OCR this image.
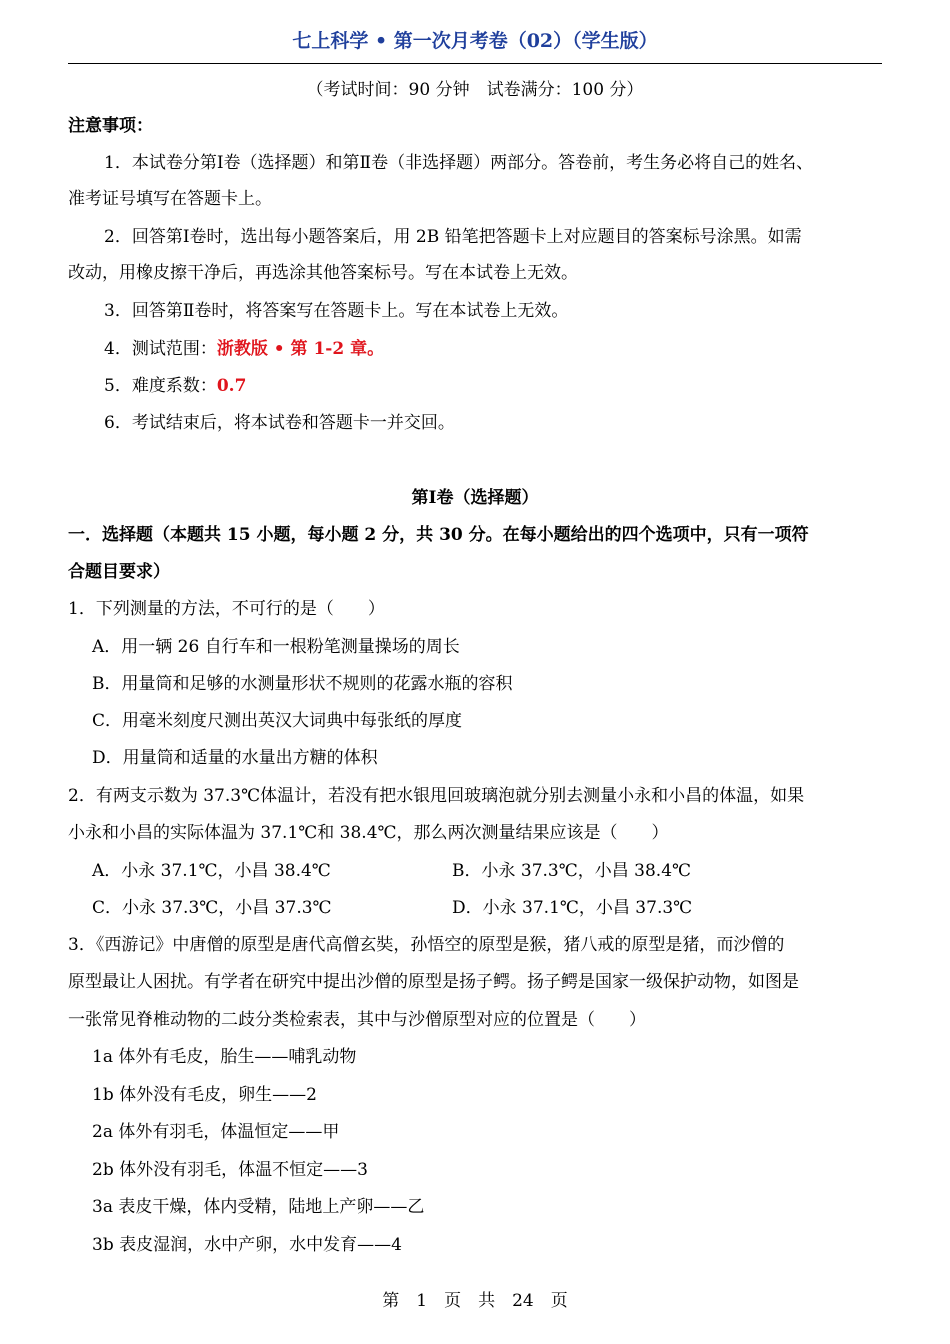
七上科学 • 第一次月考卷（02）（学生版）
（考试时间：90 分钟　试卷满分：100 分）
注意事项：
1．本试卷分第Ⅰ卷（选择题）和第Ⅱ卷（非选择题）两部分。答卷前，考生务必将自己的姓名、
准考证号填写在答题卡上。
2．回答第Ⅰ卷时，选出每小题答案后，用 2B 铅笔把答题卡上对应题目的答案标号涂黑。如需
改动，用橡皮擦干净后，再选涂其他答案标号。写在本试卷上无效。
3．回答第Ⅱ卷时，将答案写在答题卡上。写在本试卷上无效。
4．测试范围：浙教版 • 第 1-2 章。
5．难度系数：0.7
6．考试结束后，将本试卷和答题卡一并交回。
第Ⅰ卷（选择题）
一．选择题（本题共 15 小题，每小题 2 分，共 30 分。在每小题给出的四个选项中，只有一项符
合题目要求）
1．下列测量的方法，不可行的是（　　）
A．用一辆 26 自行车和一根粉笔测量操场的周长
B．用量筒和足够的水测量形状不规则的花露水瓶的容积
C．用毫米刻度尺测出英汉大词典中每张纸的厚度
D．用量筒和适量的水量出方糖的体积
2．有两支示数为 37.3℃体温计，若没有把水银甩回玻璃泡就分别去测量小永和小昌的体温，如果
小永和小昌的实际体温为 37.1℃和 38.4℃，那么两次测量结果应该是（　　）
A．小永 37.1℃，小昌 38.4℃	B．小永 37.3℃，小昌 38.4℃
C．小永 37.3℃，小昌 37.3℃	D．小永 37.1℃，小昌 37.3℃
3．《西游记》中唐僧的原型是唐代高僧玄奘，孙悟空的原型是猴，猪八戒的原型是猪，而沙僧的
原型最让人困扰。有学者在研究中提出沙僧的原型是扬子鳄。扬子鳄是国家一级保护动物，如图是
一张常见脊椎动物的二歧分类检索表，其中与沙僧原型对应的位置是（　　）
1a 体外有毛皮，胎生——哺乳动物
1b 体外没有毛皮，卵生——2
2a 体外有羽毛，体温恒定——甲
2b 体外没有羽毛，体温不恒定——3
3a 表皮干燥，体内受精，陆地上产卵——乙
3b 表皮湿润，水中产卵，水中发育——4
第　1　页　共　24　页
